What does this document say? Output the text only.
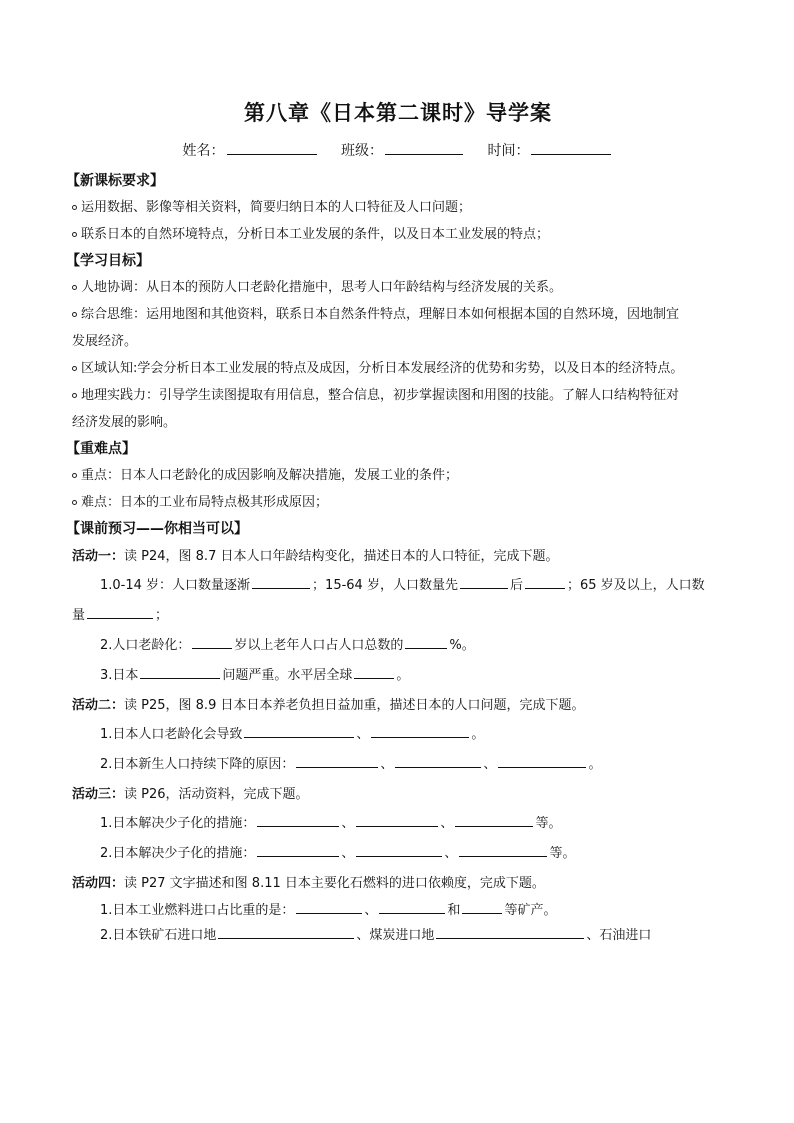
第八章《日本第二课时》导学案
姓名：	班级：	时间：
【新课标要求】
运用数据、影像等相关资料，简要归纳日本的人口特征及人口问题；
联系日本的自然环境特点，分析日本工业发展的条件，以及日本工业发展的特点；
【学习目标】
人地协调：从日本的预防人口老龄化措施中，思考人口年龄结构与经济发展的关系。
综合思维：运用地图和其他资料，联系日本自然条件特点，理解日本如何根据本国的自然环境，因地制宜
发展经济。
区域认知:学会分析日本工业发展的特点及成因，分析日本发展经济的优势和劣势，以及日本的经济特点。
地理实践力：引导学生读图提取有用信息，整合信息，初步掌握读图和用图的技能。了解人口结构特征对
经济发展的影响。
【重难点】
重点：日本人口老龄化的成因影响及解决措施，发展工业的条件；
难点：日本的工业布局特点极其形成原因；
【课前预习——你相当可以】
活动一：读 P24，图 8.7 日本人口年龄结构变化，描述日本的人口特征，完成下题。
1.0-14 岁：人口数量逐渐	；15-64 岁，人口数量先	后	；65 岁及以上，人口数
量	；
2.人口老龄化：	岁以上老年人口占人口总数的	%。
3.日本	问题严重。水平居全球	。
活动二：读 P25，图 8.9 日本日本养老负担日益加重，描述日本的人口问题，完成下题。
1.日本人口老龄化会导致	、	。
2.日本新生人口持续下降的原因：	、	、	。
活动三：读 P26，活动资料，完成下题。
1.日本解决少子化的措施：	、	、	等。
2.日本解决少子化的措施：	、	、	等。
活动四：读 P27 文字描述和图 8.11 日本主要化石燃料的进口依赖度，完成下题。
1.日本工业燃料进口占比重的是：	、	和	等矿产。
2.日本铁矿石进口地	、煤炭进口地	、石油进口
